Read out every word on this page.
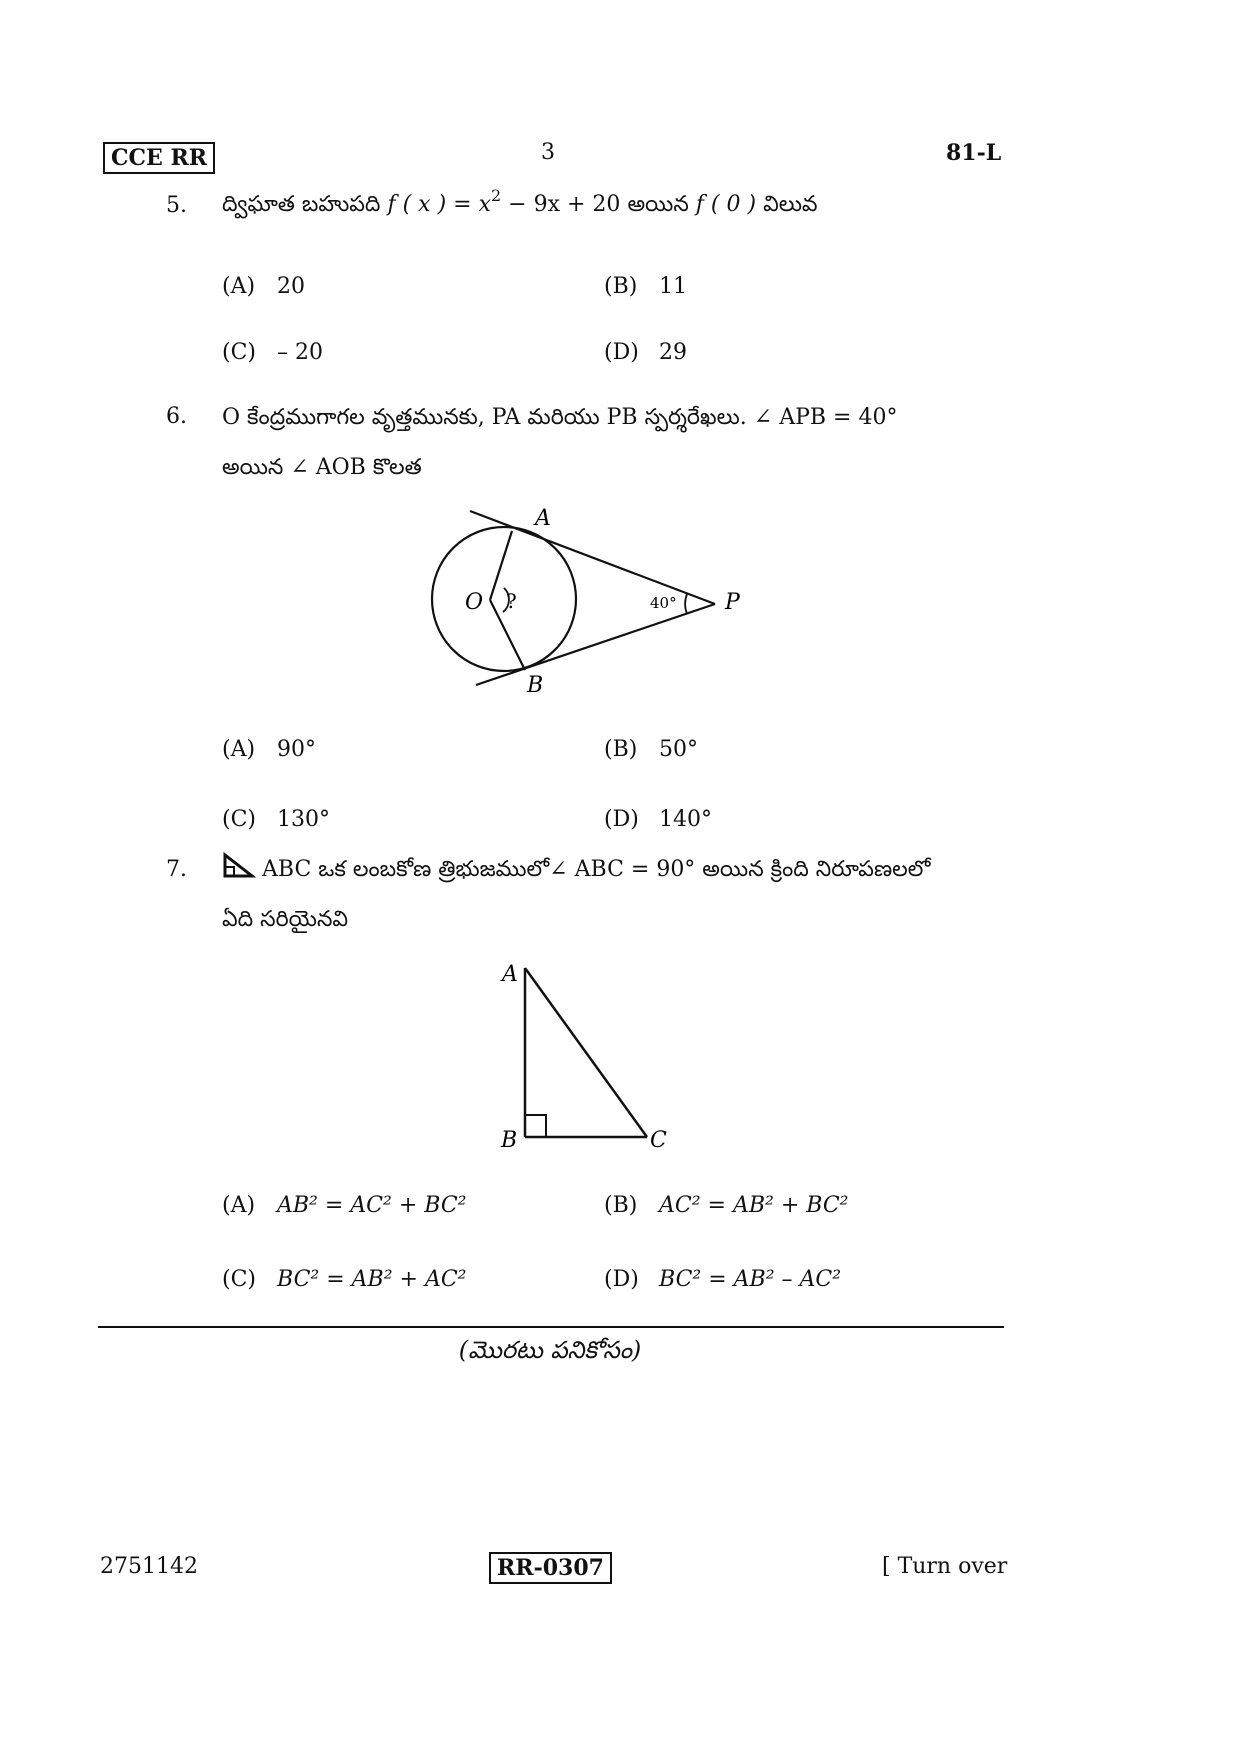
CCE RR	3	81-L
5. ద్విఘాత బహుపది f ( x ) = $x^2 - 9x + 20$ అయిన f ( 0 ) విలువ
(A) 20	(B) 11
(C) – 20	(D) 29
6. O కేంద్రముగాగల వృత్తమునకు, PA మరియు PB స్పర్శరేఖలు. ∠ APB = 40°
అయిన ∠ AOB కొలత
A
B
O	P
?	40°
(A) 90°	(B) 50°
(C) 130°	(D) 140°
7.	ABC ఒక లంబకోణ త్రిభుజములో∠ ABC = 90° అయిన క్రింది నిరూపణలలో
ఏది సరియైనవి
A
B	C
(A) AB² = AC² + BC²	(B) AC² = AB² + BC²
(C) BC² = AB² + AC²	(D) BC² = AB² – AC²
(మొరటు పనికోసం)
2751142	RR-0307	[ Turn over
